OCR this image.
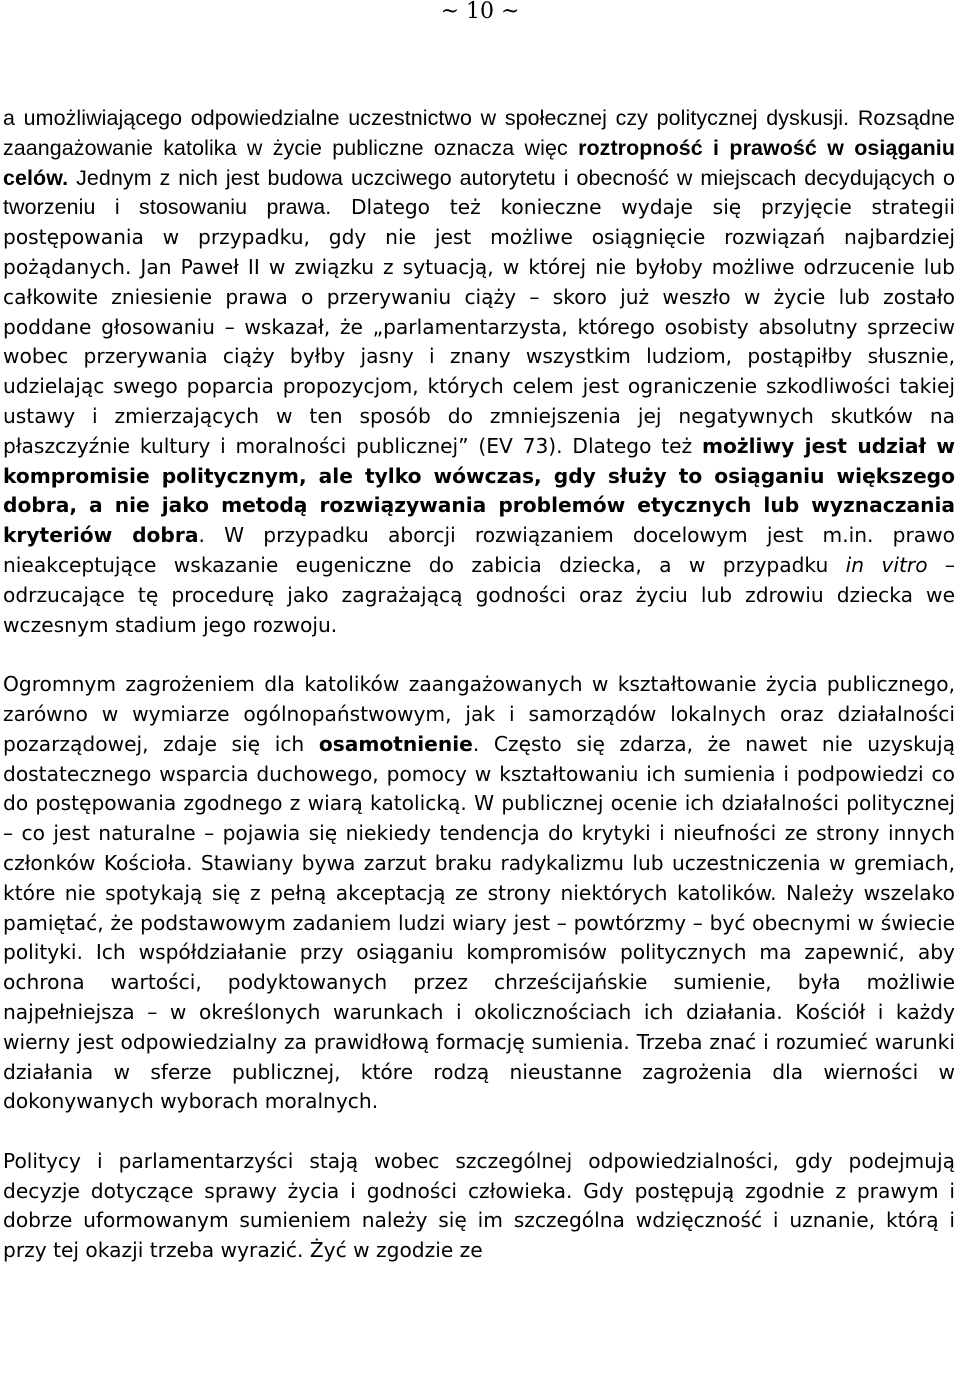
~ 10 ~

a umożliwiającego odpowiedzialne uczestnictwo w społecznej czy politycznej dyskusji. Rozsądne zaangażowanie katolika w życie publiczne oznacza więc roztropność i prawość w osiąganiu celów. Jednym z nich jest budowa uczciwego autorytetu i obecność w miejscach decydujących o tworzeniu i stosowaniu prawa. Dlatego też konieczne wydaje się przyjęcie strategii postępowania w przypadku, gdy nie jest możliwe osiągnięcie rozwiązań najbardziej pożądanych. Jan Paweł II w związku z sytuacją, w której nie byłoby możliwe odrzucenie lub całkowite zniesienie prawa o przerywaniu ciąży – skoro już weszło w życie lub zostało poddane głosowaniu – wskazał, że „parlamentarzysta, którego osobisty absolutny sprzeciw wobec przerywania ciąży byłby jasny i znany wszystkim ludziom, postąpiłby słusznie, udzielając swego poparcia propozycjom, których celem jest ograniczenie szkodliwości takiej ustawy i zmierzających w ten sposób do zmniejszenia jej negatywnych skutków na płaszczyźnie kultury i moralności publicznej” (EV 73). Dlatego też możliwy jest udział w kompromisie politycznym, ale tylko wówczas, gdy służy to osiąganiu większego dobra, a nie jako metodą rozwiązywania problemów etycznych lub wyznaczania kryteriów dobra. W przypadku aborcji rozwiązaniem docelowym jest m.in. prawo nieakceptujące wskazanie eugeniczne do zabicia dziecka, a w przypadku in vitro – odrzucające tę procedurę jako zagrażającą godności oraz życiu lub zdrowiu dziecka we wczesnym stadium jego rozwoju.

Ogromnym zagrożeniem dla katolików zaangażowanych w kształtowanie życia publicznego, zarówno w wymiarze ogólnopaństwowym, jak i samorządów lokalnych oraz działalności pozarządowej, zdaje się ich osamotnienie. Często się zdarza, że nawet nie uzyskują dostatecznego wsparcia duchowego, pomocy w kształtowaniu ich sumienia i podpowiedzi co do postępowania zgodnego z wiarą katolicką. W publicznej ocenie ich działalności politycznej – co jest naturalne – pojawia się niekiedy tendencja do krytyki i nieufności ze strony innych członków Kościoła. Stawiany bywa zarzut braku radykalizmu lub uczestniczenia w gremiach, które nie spotykają się z pełną akceptacją ze strony niektórych katolików. Należy wszelako pamiętać, że podstawowym zadaniem ludzi wiary jest – powtórzmy – być obecnymi w świecie polityki. Ich współdziałanie przy osiąganiu kompromisów politycznych ma zapewnić, aby ochrona wartości, podyktowanych przez chrześcijańskie sumienie, była możliwie najpełniejsza – w określonych warunkach i okolicznościach ich działania. Kościół i każdy wierny jest odpowiedzialny za prawidłową formację sumienia. Trzeba znać i rozumieć warunki działania w sferze publicznej, które rodzą nieustanne zagrożenia dla wierności w dokonywanych wyborach moralnych.

Politycy i parlamentarzyści stają wobec szczególnej odpowiedzialności, gdy podejmują decyzje dotyczące sprawy życia i godności człowieka. Gdy postępują zgodnie z prawym i dobrze uformowanym sumieniem należy się im szczególna wdzięczność i uznanie, którą i przy tej okazji trzeba wyrazić. Żyć w zgodzie ze
